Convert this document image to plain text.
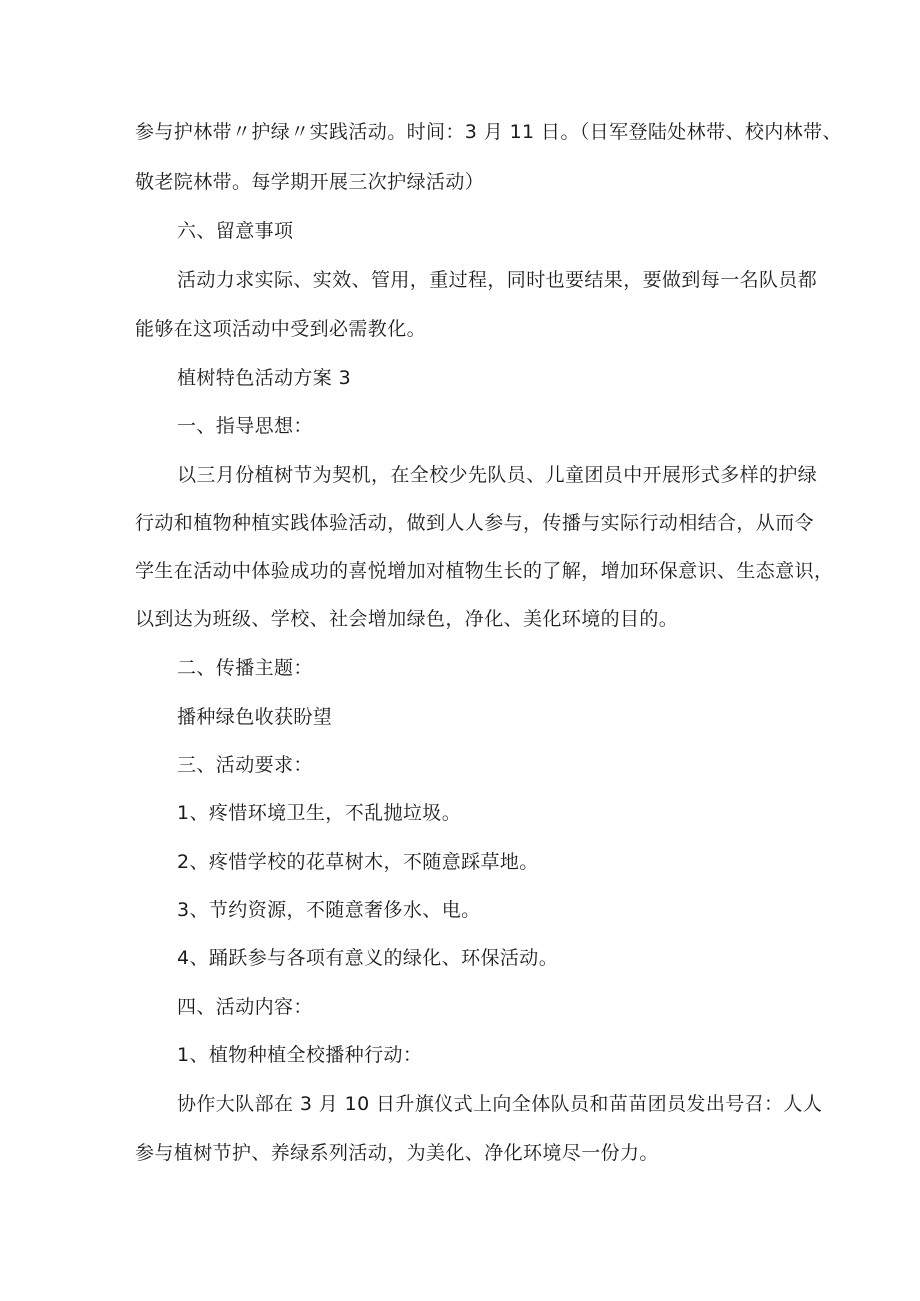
参与护林带〃护绿〃实践活动。时间：3 月 11 日。（日军登陆处林带、校内林带、
敬老院林带。每学期开展三次护绿活动）
六、留意事项
活动力求实际、实效、管用，重过程，同时也要结果，要做到每一名队员都
能够在这项活动中受到必需教化。
植树特色活动方案 3
一、指导思想：
以三月份植树节为契机，在全校少先队员、儿童团员中开展形式多样的护绿
行动和植物种植实践体验活动，做到人人参与，传播与实际行动相结合，从而令
学生在活动中体验成功的喜悦增加对植物生长的了解，增加环保意识、生态意识，
以到达为班级、学校、社会增加绿色，净化、美化环境的目的。
二、传播主题：
播种绿色收获盼望
三、活动要求：
1、疼惜环境卫生，不乱抛垃圾。
2、疼惜学校的花草树木，不随意踩草地。
3、节约资源，不随意奢侈水、电。
4、踊跃参与各项有意义的绿化、环保活动。
四、活动内容：
1、植物种植全校播种行动：
协作大队部在 3 月 10 日升旗仪式上向全体队员和苗苗团员发出号召：人人
参与植树节护、养绿系列活动，为美化、净化环境尽一份力。
